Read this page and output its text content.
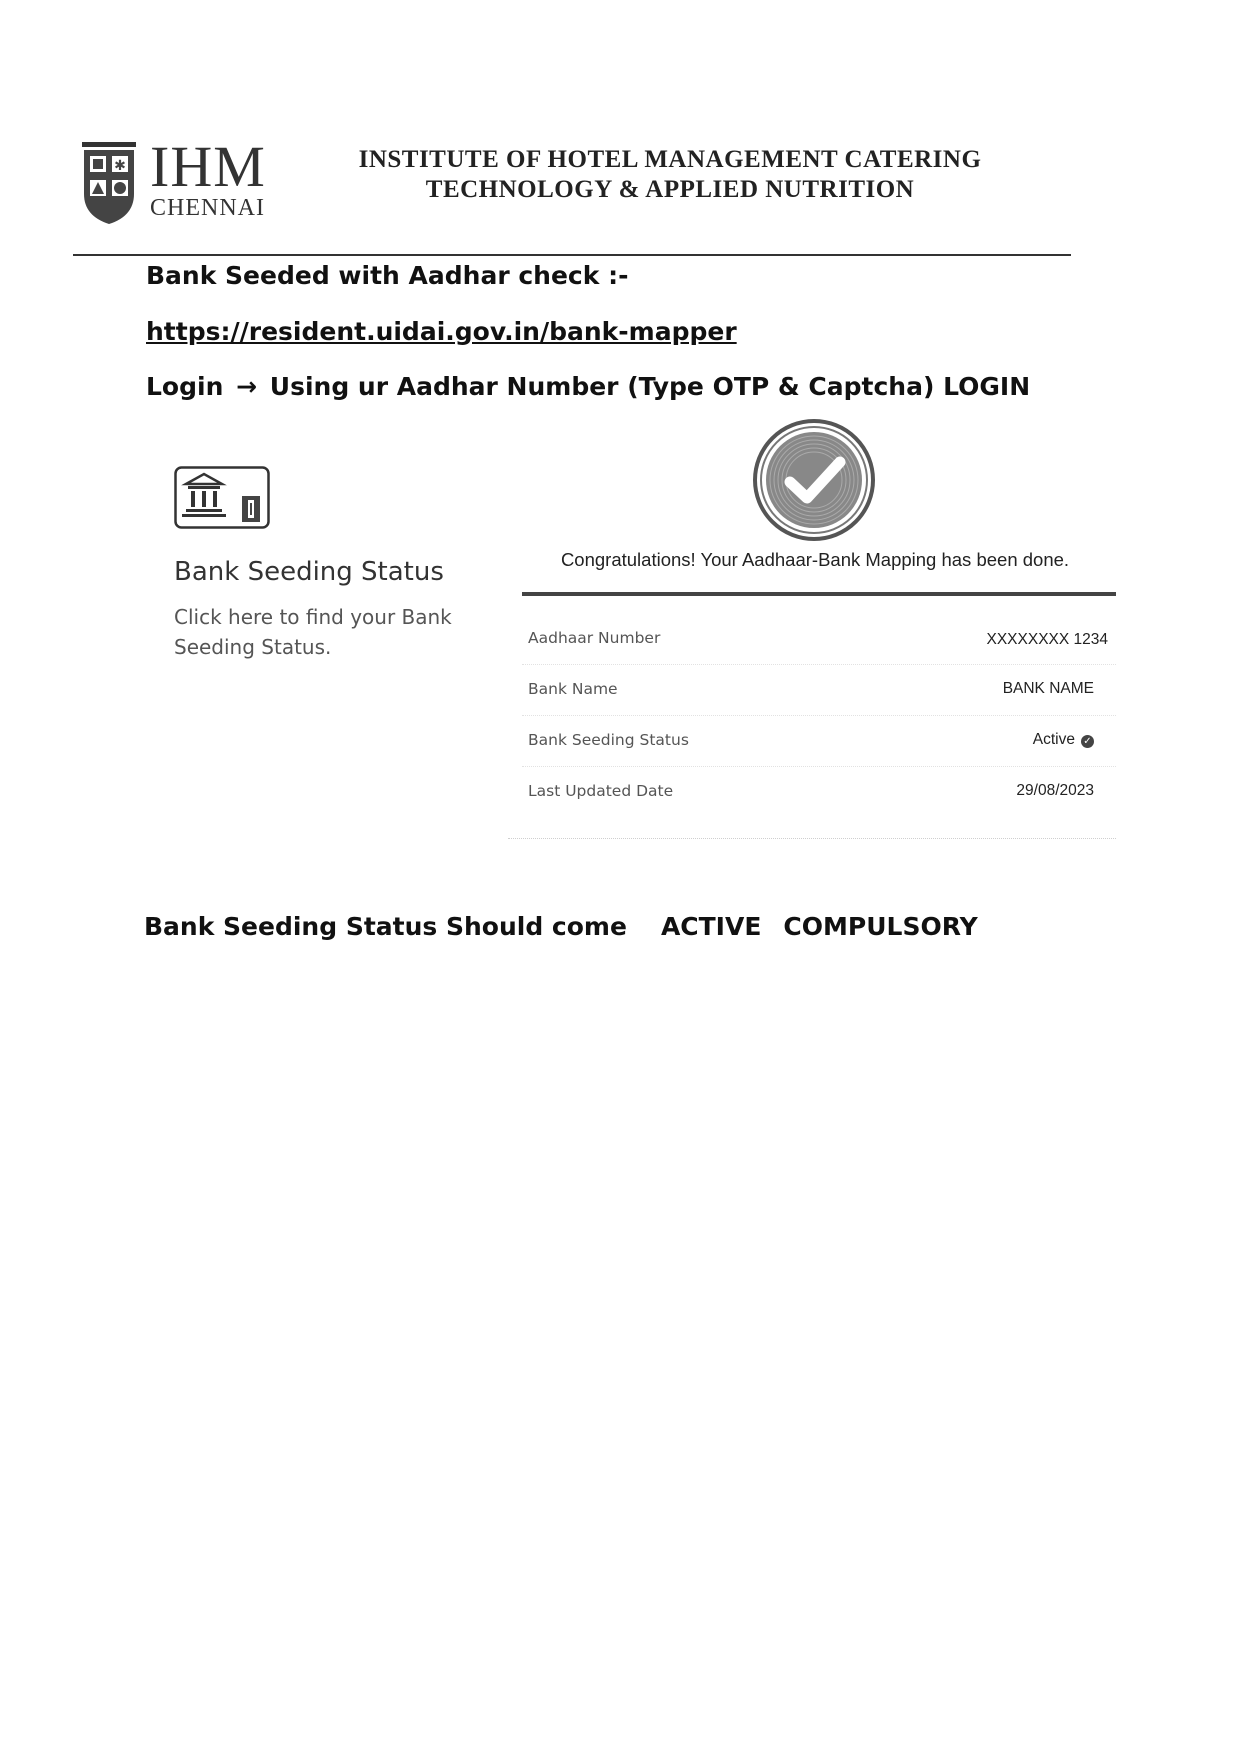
✱ IHM
CHENNAI
INSTITUTE OF HOTEL MANAGEMENT CATERING
TECHNOLOGY & APPLIED NUTRITION
Bank Seeded with Aadhar check :-
https://resident.uidai.gov.in/bank-mapper
Login → Using ur Aadhar Number (Type OTP & Captcha) LOGIN
Bank Seeding Status
Click here to find your Bank Seeding Status.
Congratulations! Your Aadhaar-Bank Mapping has been done.
Aadhaar Number	XXXXXXXX 1234
Bank Name	BANK NAME
Bank Seeding Status	Active ✓
Last Updated Date	29/08/2023
Bank Seeding Status Should come ACTIVE COMPULSORY
